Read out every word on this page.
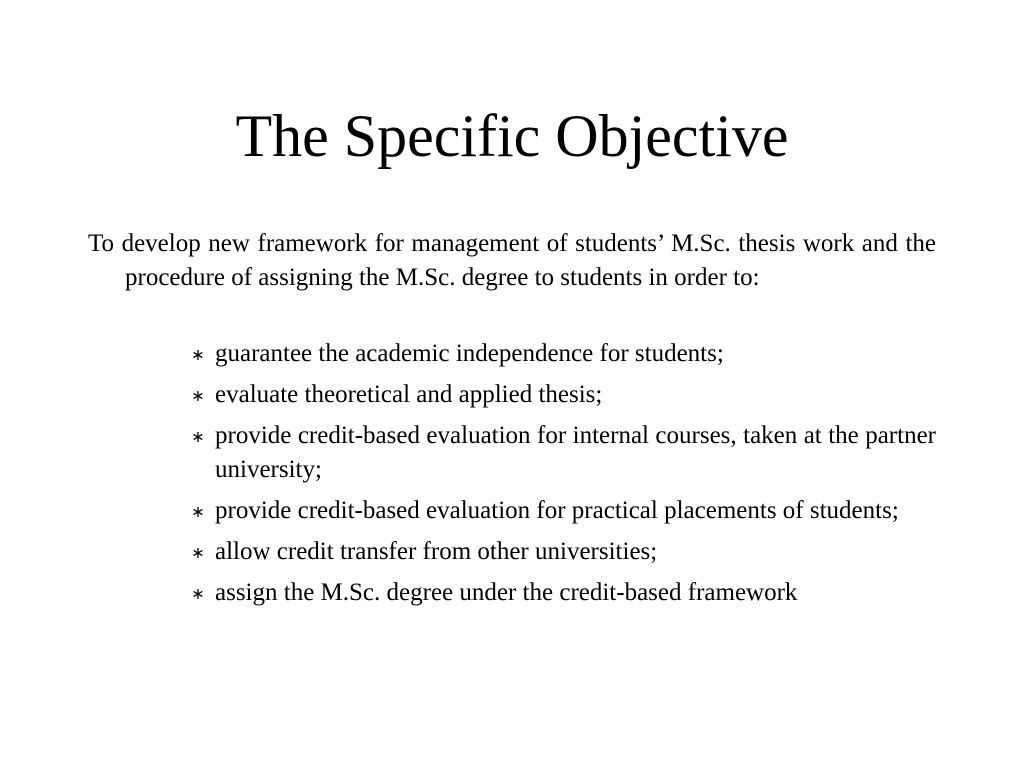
The Specific Objective

To develop new framework for management of students’ M.Sc. thesis work and the procedure of assigning the M.Sc. degree to students in order to:

∗ guarantee the academic independence for students;
∗ evaluate theoretical and applied thesis;
∗ provide credit-based evaluation for internal courses, taken at the partner university;
∗ provide credit-based evaluation for practical placements of students;
∗ allow credit transfer from other universities;
∗ assign the M.Sc. degree under the credit-based framework
